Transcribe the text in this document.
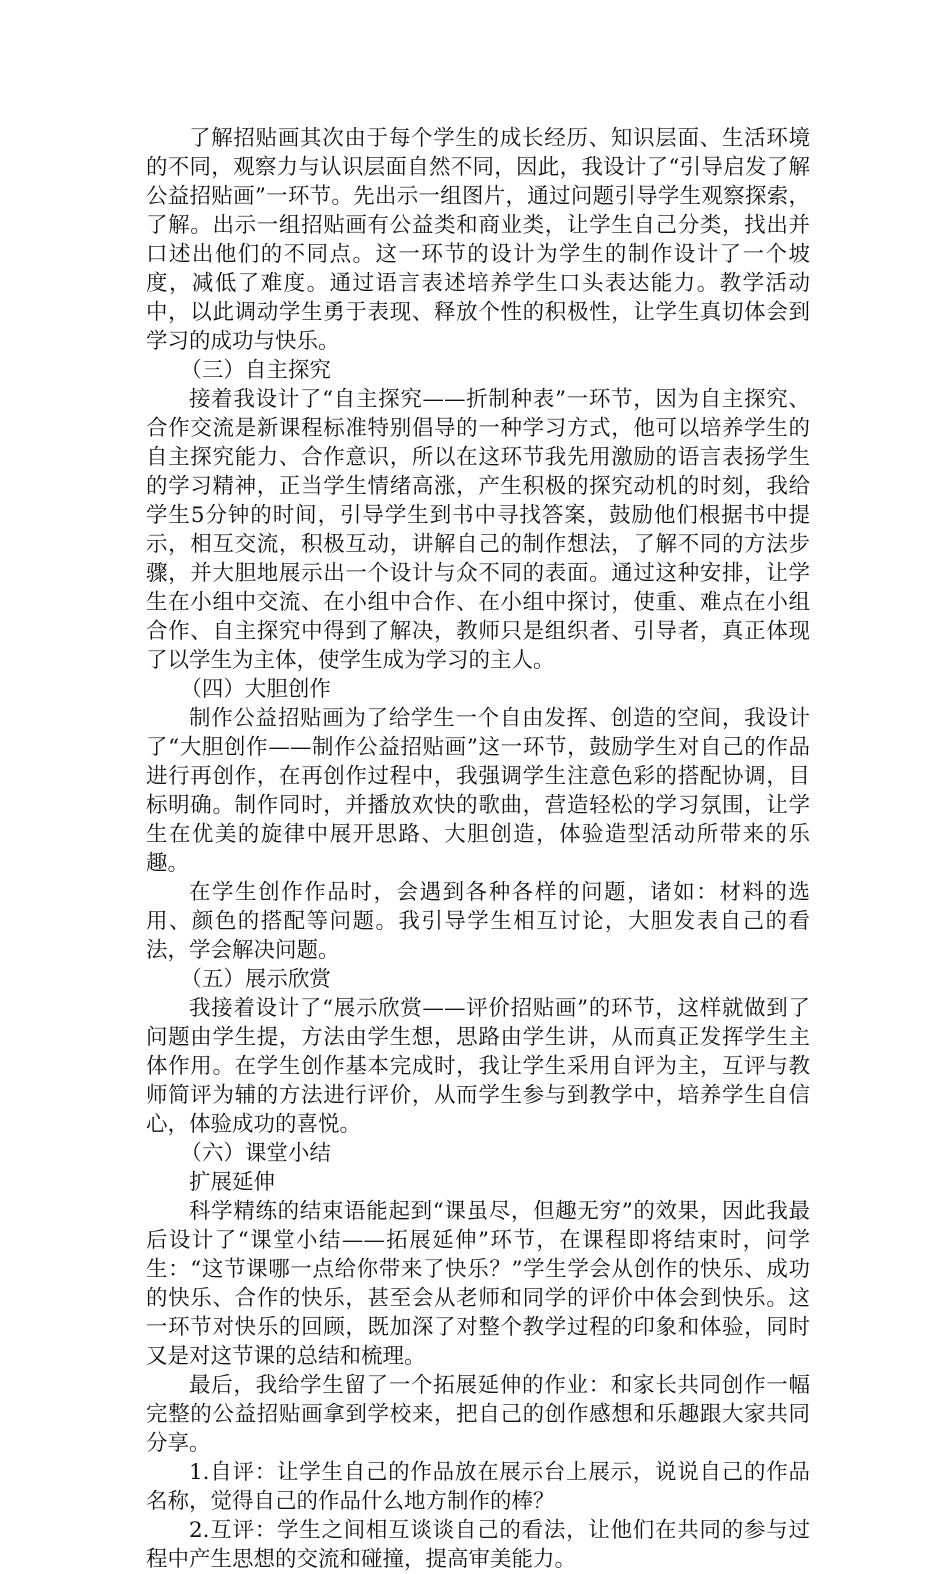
了解招贴画其次由于每个学生的成长经历、知识层面、生活环境的不同，观察力与认识层面自然不同，因此，我设计了“引导启发了解公益招贴画”一环节。先出示一组图片，通过问题引导学生观察探索，了解。出示一组招贴画有公益类和商业类，让学生自己分类，找出并口述出他们的不同点。这一环节的设计为学生的制作设计了一个坡度，减低了难度。通过语言表述培养学生口头表达能力。教学活动中，以此调动学生勇于表现、释放个性的积极性，让学生真切体会到学习的成功与快乐。

（三）自主探究

接着我设计了“自主探究——折制种表”一环节，因为自主探究、合作交流是新课程标准特别倡导的一种学习方式，他可以培养学生的自主探究能力、合作意识，所以在这环节我先用激励的语言表扬学生的学习精神，正当学生情绪高涨，产生积极的探究动机的时刻，我给学生5分钟的时间，引导学生到书中寻找答案，鼓励他们根据书中提示，相互交流，积极互动，讲解自己的制作想法，了解不同的方法步骤，并大胆地展示出一个设计与众不同的表面。通过这种安排，让学生在小组中交流、在小组中合作、在小组中探讨，使重、难点在小组合作、自主探究中得到了解决，教师只是组织者、引导者，真正体现了以学生为主体，使学生成为学习的主人。

（四）大胆创作

制作公益招贴画为了给学生一个自由发挥、创造的空间，我设计了“大胆创作——制作公益招贴画”这一环节，鼓励学生对自己的作品进行再创作，在再创作过程中，我强调学生注意色彩的搭配协调，目标明确。制作同时，并播放欢快的歌曲，营造轻松的学习氛围，让学生在优美的旋律中展开思路、大胆创造，体验造型活动所带来的乐趣。

在学生创作作品时，会遇到各种各样的问题，诸如：材料的选用、颜色的搭配等问题。我引导学生相互讨论，大胆发表自己的看法，学会解决问题。

（五）展示欣赏

我接着设计了“展示欣赏——评价招贴画”的环节，这样就做到了问题由学生提，方法由学生想，思路由学生讲，从而真正发挥学生主体作用。在学生创作基本完成时，我让学生采用自评为主，互评与教师简评为辅的方法进行评价，从而学生参与到教学中，培养学生自信心，体验成功的喜悦。

（六）课堂小结

扩展延伸

科学精练的结束语能起到“课虽尽，但趣无穷”的效果，因此我最后设计了“课堂小结——拓展延伸”环节，在课程即将结束时，问学生：“这节课哪一点给你带来了快乐？”学生学会从创作的快乐、成功的快乐、合作的快乐，甚至会从老师和同学的评价中体会到快乐。这一环节对快乐的回顾，既加深了对整个教学过程的印象和体验，同时又是对这节课的总结和梳理。

最后，我给学生留了一个拓展延伸的作业：和家长共同创作一幅完整的公益招贴画拿到学校来，把自己的创作感想和乐趣跟大家共同分享。

1.自评：让学生自己的作品放在展示台上展示，说说自己的作品名称，觉得自己的作品什么地方制作的棒？

2.互评：学生之间相互谈谈自己的看法，让他们在共同的参与过程中产生思想的交流和碰撞，提高审美能力。
